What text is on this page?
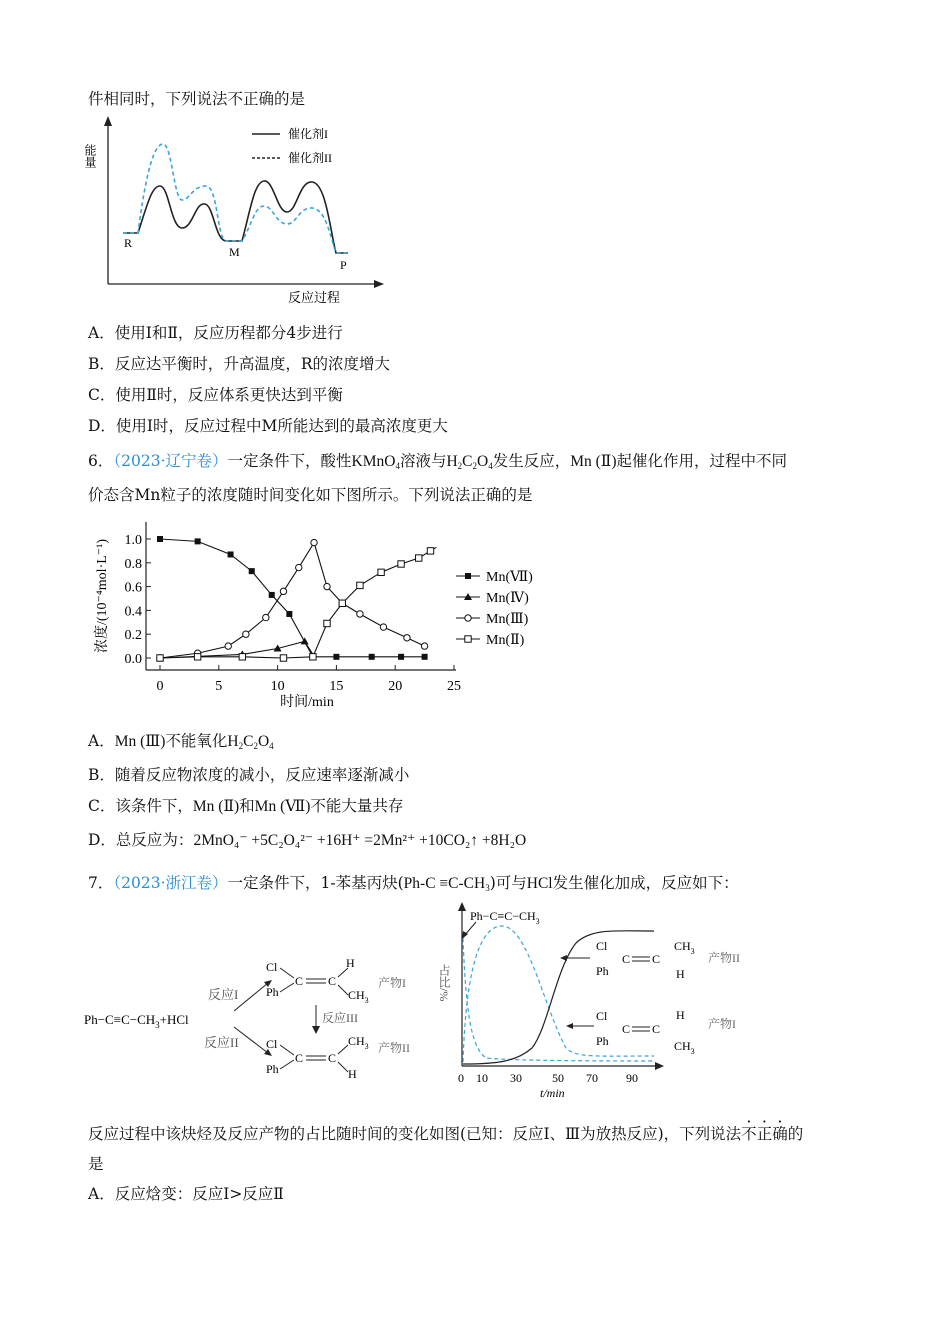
件相同时，下列说法不正确的是
能量
反应过程
R
M
P
催化剂I
催化剂II
A．使用Ⅰ和Ⅱ，反应历程都分4步进行
B．反应达平衡时，升高温度，R的浓度增大
C．使用Ⅱ时，反应体系更快达到平衡
D．使用Ⅰ时，反应过程中M所能达到的最高浓度更大
6．（2023·辽宁卷）一定条件下，酸性KMnO$_4$溶液与$H_2C_2O_4$发生反应，Mn (Ⅱ)起催化作用，过程中不同
价态含Mn粒子的浓度随时间变化如下图所示。下列说法正确的是
0	5	10	15	20	25
0.0
0.2
0.4
0.6
0.8
1.0
时间/min
浓度/(10⁻⁴mol·L⁻¹)	Mn(Ⅶ)
Mn(Ⅳ)
Mn(Ⅲ)
Mn(Ⅱ)
A．Mn (Ⅲ)不能氧化$H_2C_2O_4$
B．随着反应物浓度的减小，反应速率逐渐减小
C．该条件下，Mn (Ⅱ)和Mn (Ⅶ)不能大量共存
D．总反应为：2MnO₄⁻ +5C₂O₄²⁻ +16H⁺ =2Mn²⁺ +10CO₂↑ +8H₂O
7．（2023·浙江卷）一定条件下，1-苯基丙炔$(Ph-C \equiv C-CH_3)$可与HCl发生催化加成，反应如下：
$Ph-C\equiv C-CH_3+HCl$
反应I
反应II
Cl
Ph
C C
H
$CH_3$
产物I
反应III
Cl
Ph
C C
$CH_3$
H
产物II
占比/%
0 10 30	50 70 90
t/min
$Ph-C\equiv C-CH_3$
Cl
Ph
C C
$CH_3$
H
产物II
Cl
Ph
C C
H
$CH_3$
产物I
反应过程中该炔烃及反应产物的占比随时间的变化如图(已知：反应I、Ⅲ为放热反应)，下列说法不正确的
是
A．反应焓变：反应I>反应Ⅱ
